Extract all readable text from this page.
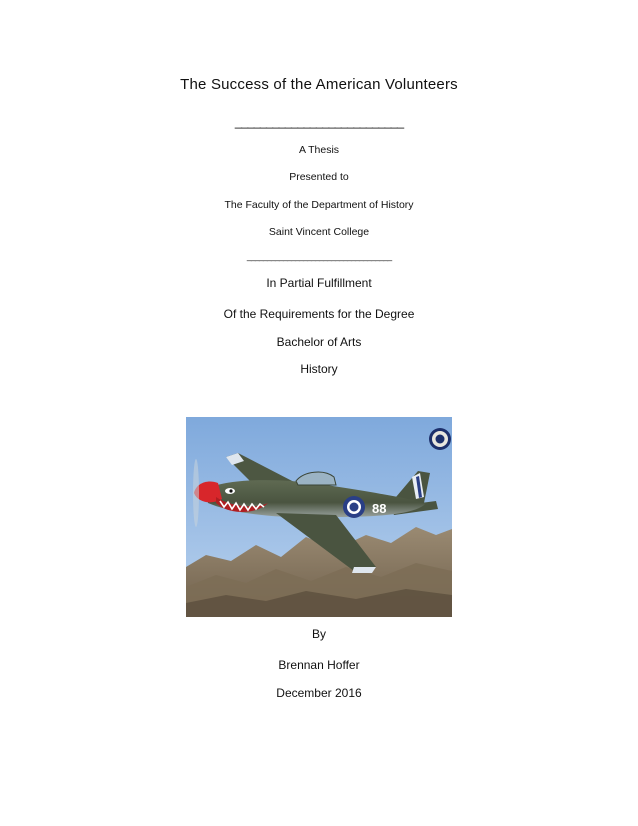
The Success of the American Volunteers
___________________________
A Thesis
Presented to
The Faculty of the Department of History
Saint Vincent College
____________________________________
In Partial Fulfillment
Of the Requirements for the Degree
Bachelor of Arts
History
88
By
Brennan Hoffer
December 2016
